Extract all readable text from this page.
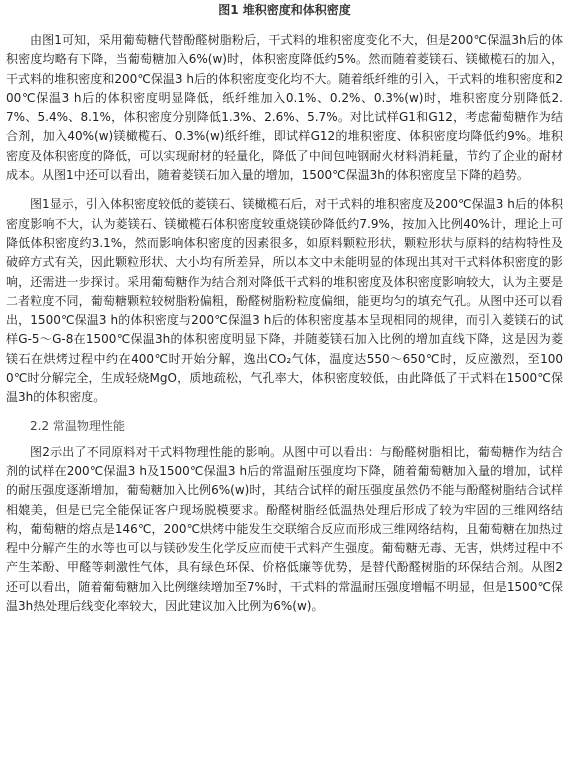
图1 堆积密度和体积密度

由图1可知，采用葡萄糖代替酚醛树脂粉后，干式料的堆积密度变化不大，但是200℃保温3h后的体积密度均略有下降，当葡萄糖加入6%(w)时，体积密度降低约5%。然而随着菱镁石、镁橄榄石的加入，干式料的堆积密度和200℃保温3 h后的体积密度变化均不大。随着纸纤维的引入，干式料的堆积密度和200℃保温3 h后的体积密度明显降低，纸纤维加入0.1%、0.2%、0.3%(w)时，堆积密度分别降低2.7%、5.4%、8.1%，体积密度分别降低1.3%、2.6%、5.7%。对比试样G1和G12，考虑葡萄糖作为结合剂，加入40%(w)镁橄榄石、0.3%(w)纸纤维，即试样G12的堆积密度、体积密度均降低约9%。堆积密度及体积密度的降低，可以实现耐材的轻量化，降低了中间包吨钢耐火材料消耗量，节约了企业的耐材成本。从图1中还可以看出，随着菱镁石加入量的增加，1500℃保温3h的体积密度呈下降的趋势。

图1显示，引入体积密度较低的菱镁石、镁橄榄石后，对干式料的堆积密度及200℃保温3 h后的体积密度影响不大，认为菱镁石、镁橄榄石体积密度较重烧镁砂降低约7.9%，按加入比例40%计，理论上可降低体积密度约3.1%，然而影响体积密度的因素很多，如原料颗粒形状，颗粒形状与原料的结构特性及破碎方式有关，因此颗粒形状、大小均有所差异，所以本文中未能明显的体现出其对干式料体积密度的影响，还需进一步探讨。采用葡萄糖作为结合剂对降低干式料的堆积密度及体积密度影响较大，认为主要是二者粒度不同，葡萄糖颗粒较树脂粉偏粗，酚醛树脂粉粒度偏细，能更均匀的填充气孔。从图中还可以看出，1500℃保温3 h的体积密度与200℃保温3 h后的体积密度基本呈现相同的规律，而引入菱镁石的试样G-5～G-8在1500℃保温3h的体积密度明显下降，并随菱镁石加入比例的增加直线下降，这是因为菱镁石在烘烤过程中约在400℃时开始分解，逸出CO₂气体，温度达550～650℃时，反应激烈，至1000℃时分解完全，生成轻烧MgO，质地疏松，气孔率大，体积密度较低，由此降低了干式料在1500℃保温3h的体积密度。

2.2 常温物理性能

图2示出了不同原料对干式料物理性能的影响。从图中可以看出：与酚醛树脂相比，葡萄糖作为结合剂的试样在200℃保温3 h及1500℃保温3 h后的常温耐压强度均下降，随着葡萄糖加入量的增加，试样的耐压强度逐渐增加，葡萄糖加入比例6%(w)时，其结合试样的耐压强度虽然仍不能与酚醛树脂结合试样相媲美，但是已完全能保证客户现场脱模要求。酚醛树脂经低温热处理后形成了较为牢固的三维网络结构，葡萄糖的熔点是146℃，200℃烘烤中能发生交联缩合反应而形成三维网络结构，且葡萄糖在加热过程中分解产生的水等也可以与镁砂发生化学反应而使干式料产生强度。葡萄糖无毒、无害，烘烤过程中不产生苯酚、甲醛等刺激性气体，具有绿色环保、价格低廉等优势，是替代酚醛树脂的环保结合剂。从图2还可以看出，随着葡萄糖加入比例继续增加至7%时，干式料的常温耐压强度增幅不明显，但是1500℃保温3h热处理后线变化率较大，因此建议加入比例为6%(w)。
